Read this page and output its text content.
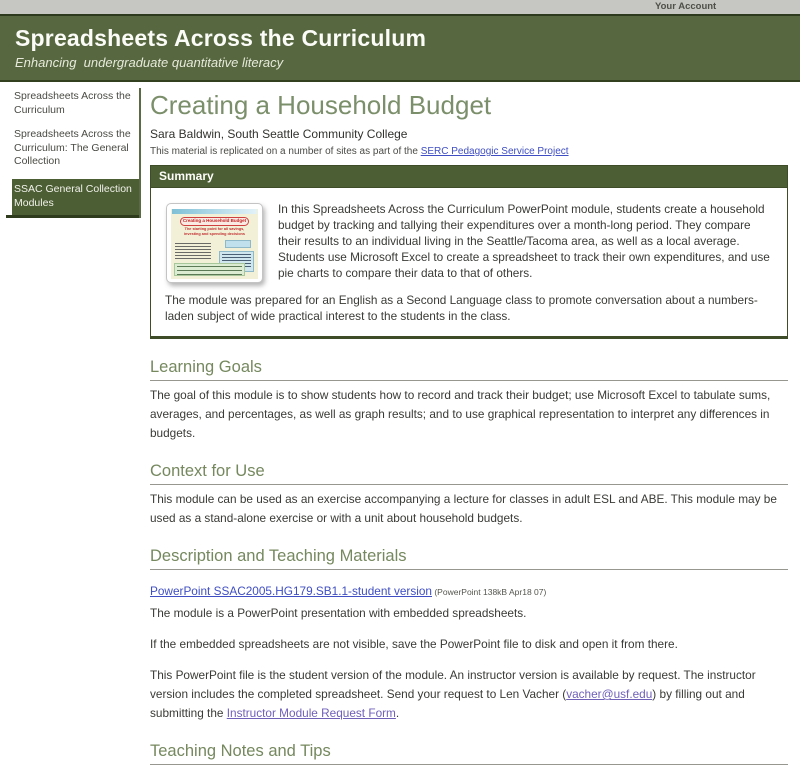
Your Account
Spreadsheets Across the Curriculum
Enhancing  undergraduate quantitative literacy
Spreadsheets Across the Curriculum
Spreadsheets Across the Curriculum: The General Collection
SSAC General Collection Modules
Creating a Household Budget
Sara Baldwin, South Seattle Community College
This material is replicated on a number of sites as part of the SERC Pedagogic Service Project
Summary
Creating a Household Budget
The starting point for all savings, investing and spending decisions

In this Spreadsheets Across the Curriculum PowerPoint module, students create a household budget by tracking and tallying their expenditures over a month-long period. They compare their results to an individual living in the Seattle/Tacoma area, as well as a local average. Students use Microsoft Excel to create a spreadsheet to track their own expenditures, and use pie charts to compare their data to that of others.

The module was prepared for an English as a Second Language class to promote conversation about a numbers-laden subject of wide practical interest to the students in the class.

Learning Goals
The goal of this module is to show students how to record and track their budget; use Microsoft Excel to tabulate sums, averages, and percentages, as well as graph results; and to use graphical representation to interpret any differences in budgets.
Context for Use
This module can be used as an exercise accompanying a lecture for classes in adult ESL and ABE. This module may be used as a stand-alone exercise or with a unit about household budgets.
Description and Teaching Materials
PowerPoint SSAC2005.HG179.SB1.1-student version (PowerPoint 138kB Apr18 07)
The module is a PowerPoint presentation with embedded spreadsheets.
If the embedded spreadsheets are not visible, save the PowerPoint file to disk and open it from there.
This PowerPoint file is the student version of the module. An instructor version is available by request. The instructor version includes the completed spreadsheet. Send your request to Len Vacher (vacher@usf.edu) by filling out and submitting the Instructor Module Request Form.
Teaching Notes and Tips
